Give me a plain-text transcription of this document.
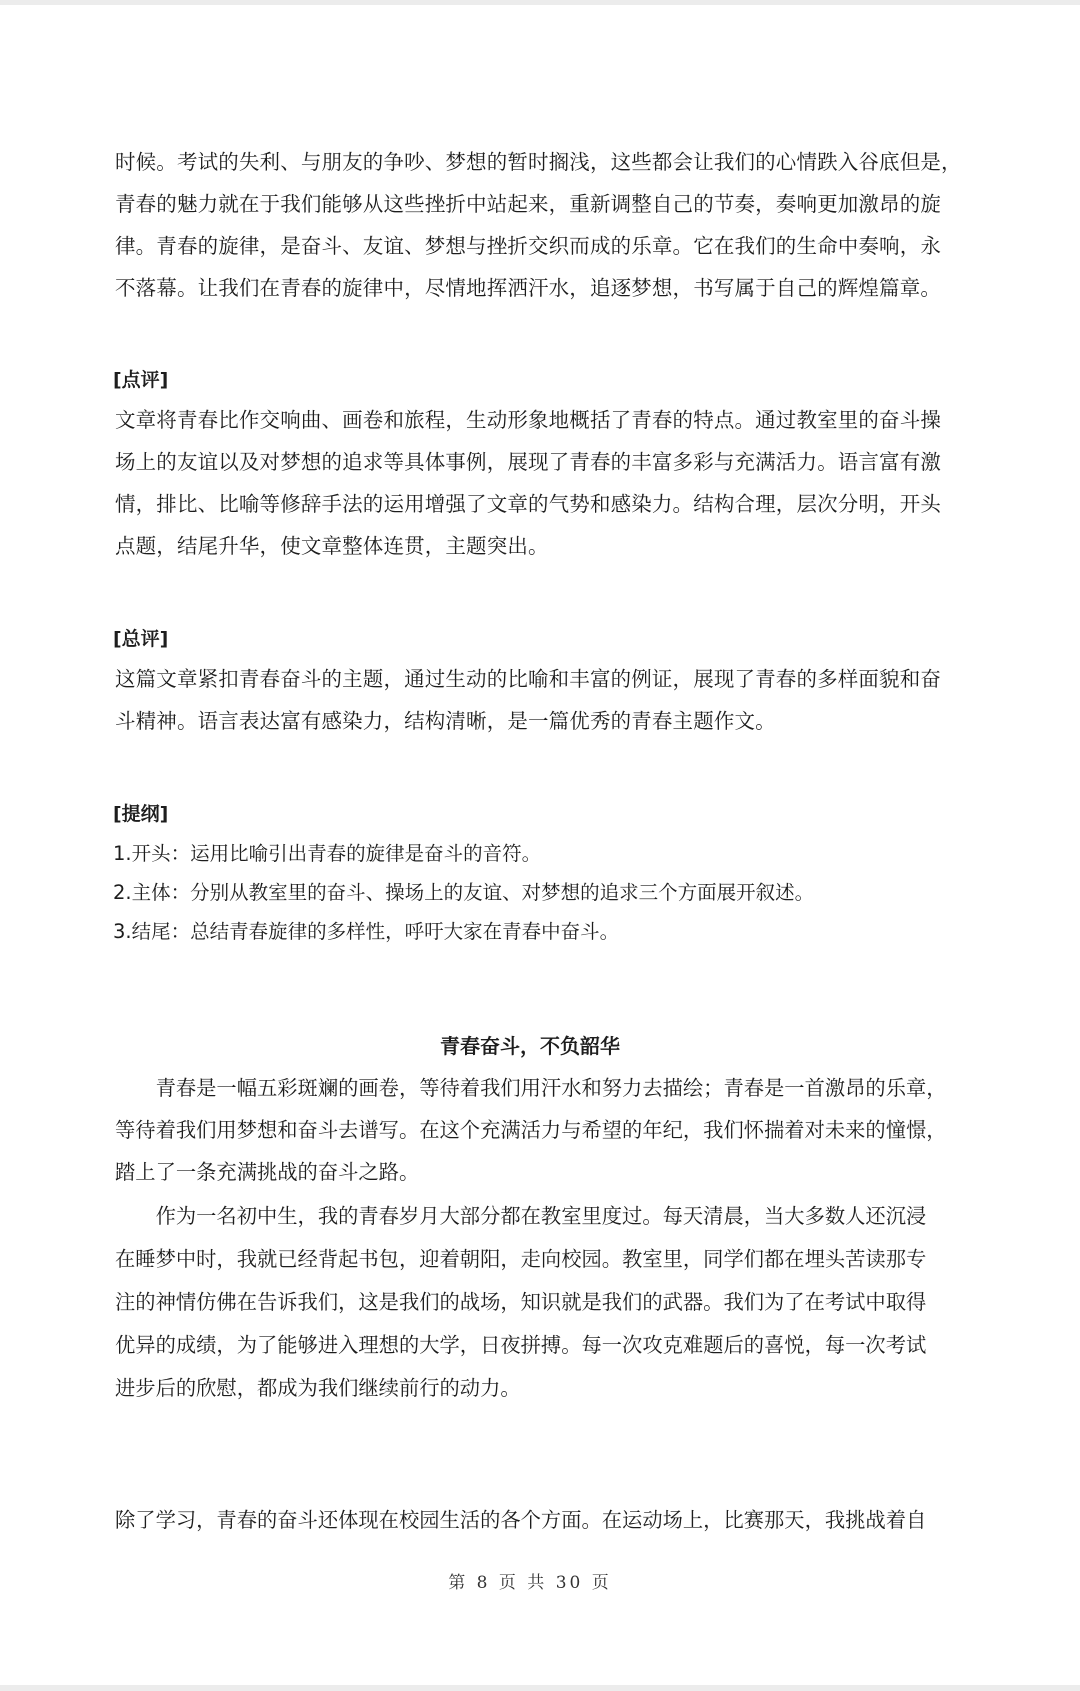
时候。考试的失利、与朋友的争吵、梦想的暂时搁浅，这些都会让我们的心情跌入谷底但是，
青春的魅力就在于我们能够从这些挫折中站起来，重新调整自己的节奏，奏响更加激昂的旋
律。青春的旋律，是奋斗、友谊、梦想与挫折交织而成的乐章。它在我们的生命中奏响，永
不落幕。让我们在青春的旋律中，尽情地挥洒汗水，追逐梦想，书写属于自己的辉煌篇章。
[点评]
文章将青春比作交响曲、画卷和旅程，生动形象地概括了青春的特点。通过教室里的奋斗操
场上的友谊以及对梦想的追求等具体事例，展现了青春的丰富多彩与充满活力。语言富有激
情，排比、比喻等修辞手法的运用增强了文章的气势和感染力。结构合理，层次分明，开头
点题，结尾升华，使文章整体连贯，主题突出。
[总评]
这篇文章紧扣青春奋斗的主题，通过生动的比喻和丰富的例证，展现了青春的多样面貌和奋
斗精神。语言表达富有感染力，结构清晰，是一篇优秀的青春主题作文。
[提纲]
1.开头：运用比喻引出青春的旋律是奋斗的音符。
2.主体：分别从教室里的奋斗、操场上的友谊、对梦想的追求三个方面展开叙述。
3.结尾：总结青春旋律的多样性，呼吁大家在青春中奋斗。
青春奋斗，不负韶华
　　青春是一幅五彩斑斓的画卷，等待着我们用汗水和努力去描绘；青春是一首激昂的乐章，
等待着我们用梦想和奋斗去谱写。在这个充满活力与希望的年纪，我们怀揣着对未来的憧憬，
踏上了一条充满挑战的奋斗之路。
　　作为一名初中生，我的青春岁月大部分都在教室里度过。每天清晨，当大多数人还沉浸
在睡梦中时，我就已经背起书包，迎着朝阳，走向校园。教室里，同学们都在埋头苦读那专
注的神情仿佛在告诉我们，这是我们的战场，知识就是我们的武器。我们为了在考试中取得
优异的成绩，为了能够进入理想的大学，日夜拼搏。每一次攻克难题后的喜悦，每一次考试
进步后的欣慰，都成为我们继续前行的动力。
除了学习，青春的奋斗还体现在校园生活的各个方面。在运动场上，比赛那天，我挑战着自
第 8 页 共 30 页
